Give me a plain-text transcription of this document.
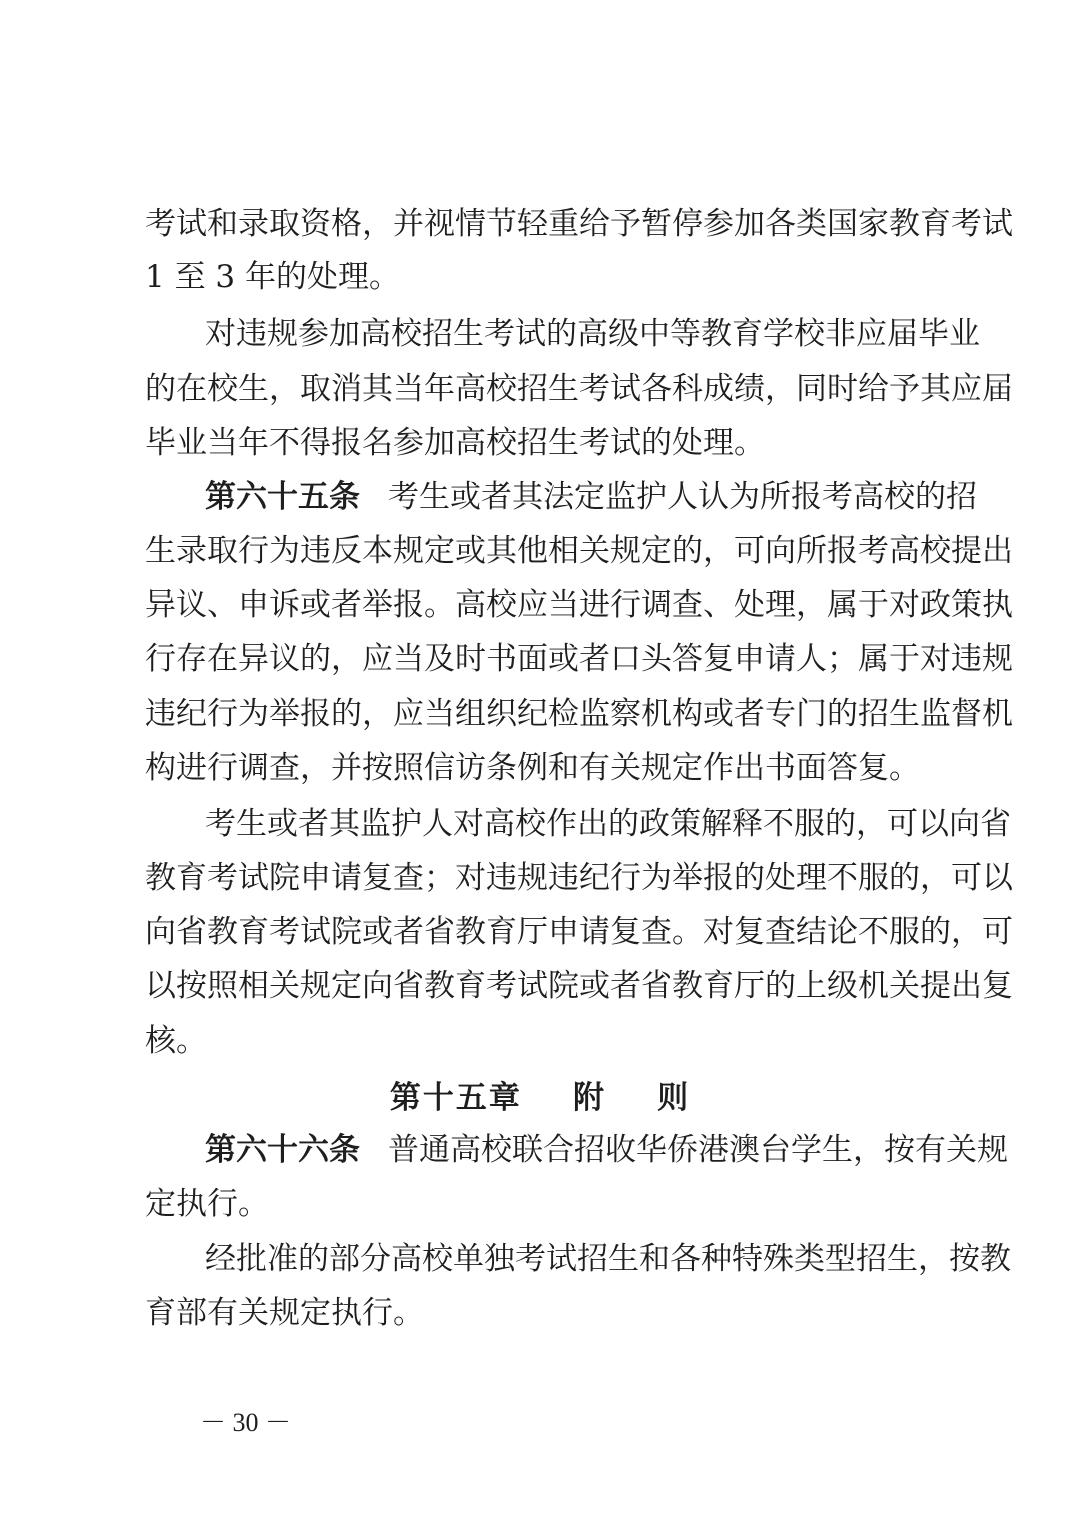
考试和录取资格，并视情节轻重给予暂停参加各类国家教育考试
1 至 3 年的处理。
对违规参加高校招生考试的高级中等教育学校非应届毕业
的在校生，取消其当年高校招生考试各科成绩，同时给予其应届
毕业当年不得报名参加高校招生考试的处理。
第六十五条 考生或者其法定监护人认为所报考高校的招
生录取行为违反本规定或其他相关规定的，可向所报考高校提出
异议、申诉或者举报。高校应当进行调查、处理，属于对政策执
行存在异议的，应当及时书面或者口头答复申请人；属于对违规
违纪行为举报的，应当组织纪检监察机构或者专门的招生监督机
构进行调查，并按照信访条例和有关规定作出书面答复。
考生或者其监护人对高校作出的政策解释不服的，可以向省
教育考试院申请复查；对违规违纪行为举报的处理不服的，可以
向省教育考试院或者省教育厅申请复查。对复查结论不服的，可
以按照相关规定向省教育考试院或者省教育厅的上级机关提出复
核。
第十五章    附    则
第六十六条 普通高校联合招收华侨港澳台学生，按有关规
定执行。
经批准的部分高校单独考试招生和各种特殊类型招生，按教
育部有关规定执行。
－ 30 －
